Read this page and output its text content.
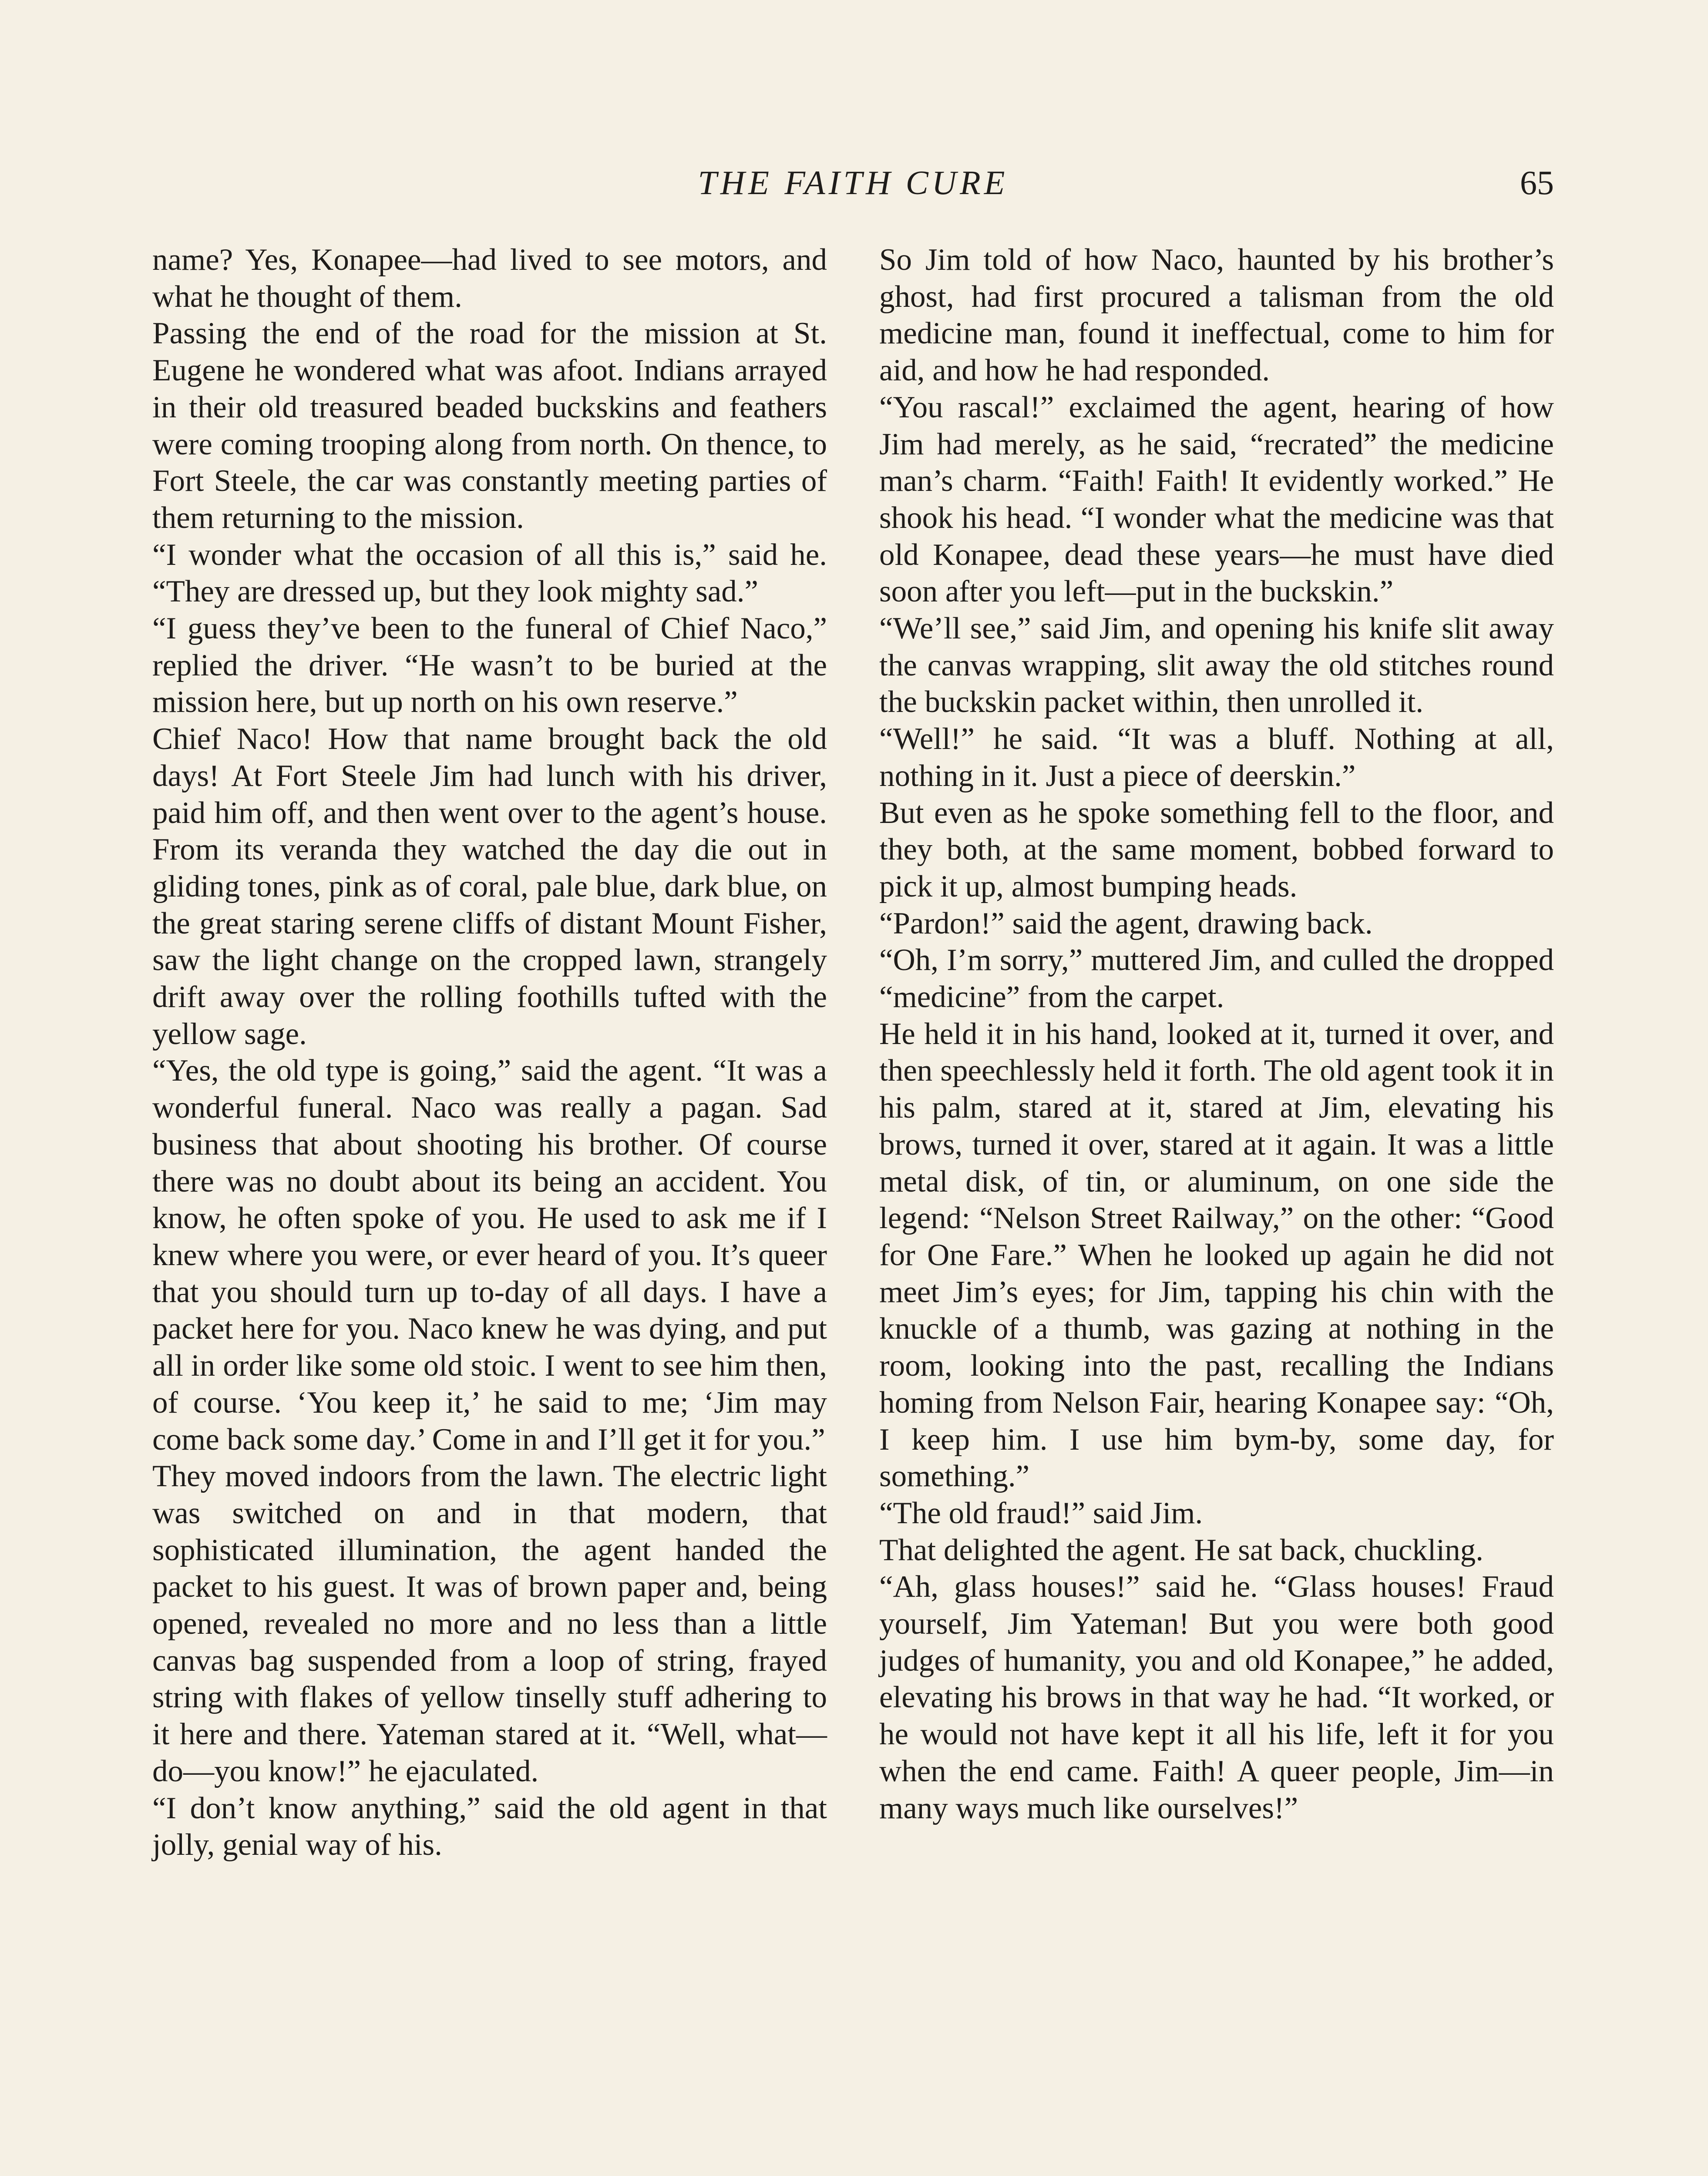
THE FAITH CURE	65

name? Yes, Konapee—had lived to see motors, and what he thought of them.

Passing the end of the road for the mission at St. Eugene he wondered what was afoot. Indians arrayed in their old treasured beaded buckskins and feathers were coming trooping along from north. On thence, to Fort Steele, the car was constantly meeting parties of them returning to the mission.

“I wonder what the occasion of all this is,” said he. “They are dressed up, but they look mighty sad.”

“I guess they’ve been to the funeral of Chief Naco,” replied the driver. “He wasn’t to be buried at the mission here, but up north on his own reserve.”

Chief Naco! How that name brought back the old days! At Fort Steele Jim had lunch with his driver, paid him off, and then went over to the agent’s house. From its veranda they watched the day die out in gliding tones, pink as of coral, pale blue, dark blue, on the great staring serene cliffs of distant Mount Fisher, saw the light change on the cropped lawn, strangely drift away over the rolling foothills tufted with the yellow sage.

“Yes, the old type is going,” said the agent. “It was a wonderful funeral. Naco was really a pagan. Sad business that about shooting his brother. Of course there was no doubt about its being an accident. You know, he often spoke of you. He used to ask me if I knew where you were, or ever heard of you. It’s queer that you should turn up to-day of all days. I have a packet here for you. Naco knew he was dying, and put all in order like some old stoic. I went to see him then, of course. ‘You keep it,’ he said to me; ‘Jim may come back some day.’ Come in and I’ll get it for you.”

They moved indoors from the lawn. The electric light was switched on and in that modern, that sophisticated illumination, the agent handed the packet to his guest. It was of brown paper and, being opened, revealed no more and no less than a little canvas bag suspended from a loop of string, frayed string with flakes of yellow tinselly stuff adhering to it here and there. Yateman stared at it. “Well, what—do—you know!” he ejaculated.

“I don’t know anything,” said the old agent in that jolly, genial way of his.

So Jim told of how Naco, haunted by his brother’s ghost, had first procured a talisman from the old medicine man, found it ineffectual, come to him for aid, and how he had responded.

“You rascal!” exclaimed the agent, hearing of how Jim had merely, as he said, “recrated” the medicine man’s charm. “Faith! Faith! It evidently worked.” He shook his head. “I wonder what the medicine was that old Konapee, dead these years—he must have died soon after you left—put in the buckskin.”

“We’ll see,” said Jim, and opening his knife slit away the canvas wrapping, slit away the old stitches round the buckskin packet within, then unrolled it.

“Well!” he said. “It was a bluff. Nothing at all, nothing in it. Just a piece of deerskin.”

But even as he spoke something fell to the floor, and they both, at the same moment, bobbed forward to pick it up, almost bumping heads.

“Pardon!” said the agent, drawing back.

“Oh, I’m sorry,” muttered Jim, and culled the dropped “medicine” from the carpet.

He held it in his hand, looked at it, turned it over, and then speechlessly held it forth. The old agent took it in his palm, stared at it, stared at Jim, elevating his brows, turned it over, stared at it again. It was a little metal disk, of tin, or aluminum, on one side the legend: “Nelson Street Railway,” on the other: “Good for One Fare.” When he looked up again he did not meet Jim’s eyes; for Jim, tapping his chin with the knuckle of a thumb, was gazing at nothing in the room, looking into the past, recalling the Indians homing from Nelson Fair, hearing Konapee say: “Oh, I keep him. I use him bym-by, some day, for something.”

“The old fraud!” said Jim.

That delighted the agent. He sat back, chuckling.

“Ah, glass houses!” said he. “Glass houses! Fraud yourself, Jim Yateman! But you were both good judges of humanity, you and old Konapee,” he added, elevating his brows in that way he had. “It worked, or he would not have kept it all his life, left it for you when the end came. Faith! A queer people, Jim—in many ways much like ourselves!”
